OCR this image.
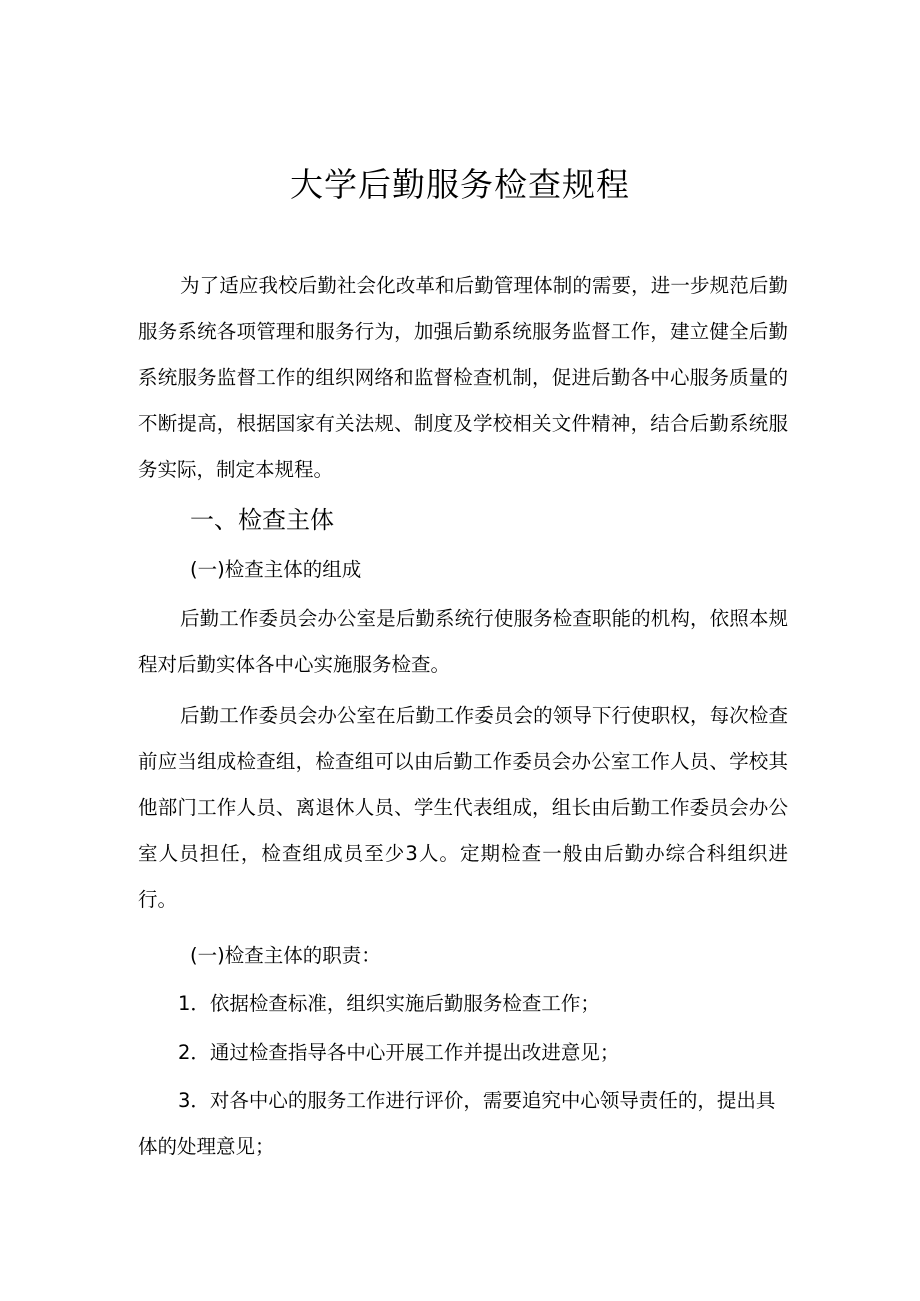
大学后勤服务检查规程

为了适应我校后勤社会化改革和后勤管理体制的需要，进一步规范后勤服务系统各项管理和服务行为，加强后勤系统服务监督工作，建立健全后勤系统服务监督工作的组织网络和监督检查机制，促进后勤各中心服务质量的不断提高，根据国家有关法规、制度及学校相关文件精神，结合后勤系统服务实际，制定本规程。

一、检查主体

(一)检查主体的组成

后勤工作委员会办公室是后勤系统行使服务检查职能的机构，依照本规程对后勤实体各中心实施服务检查。

后勤工作委员会办公室在后勤工作委员会的领导下行使职权，每次检查前应当组成检查组，检查组可以由后勤工作委员会办公室工作人员、学校其他部门工作人员、离退休人员、学生代表组成，组长由后勤工作委员会办公室人员担任，检查组成员至少3人。定期检查一般由后勤办综合科组织进行。

(一)检查主体的职责：

1．依据检查标准，组织实施后勤服务检查工作；

2．通过检查指导各中心开展工作并提出改进意见；

3．对各中心的服务工作进行评价，需要追究中心领导责任的，提出具体的处理意见；
